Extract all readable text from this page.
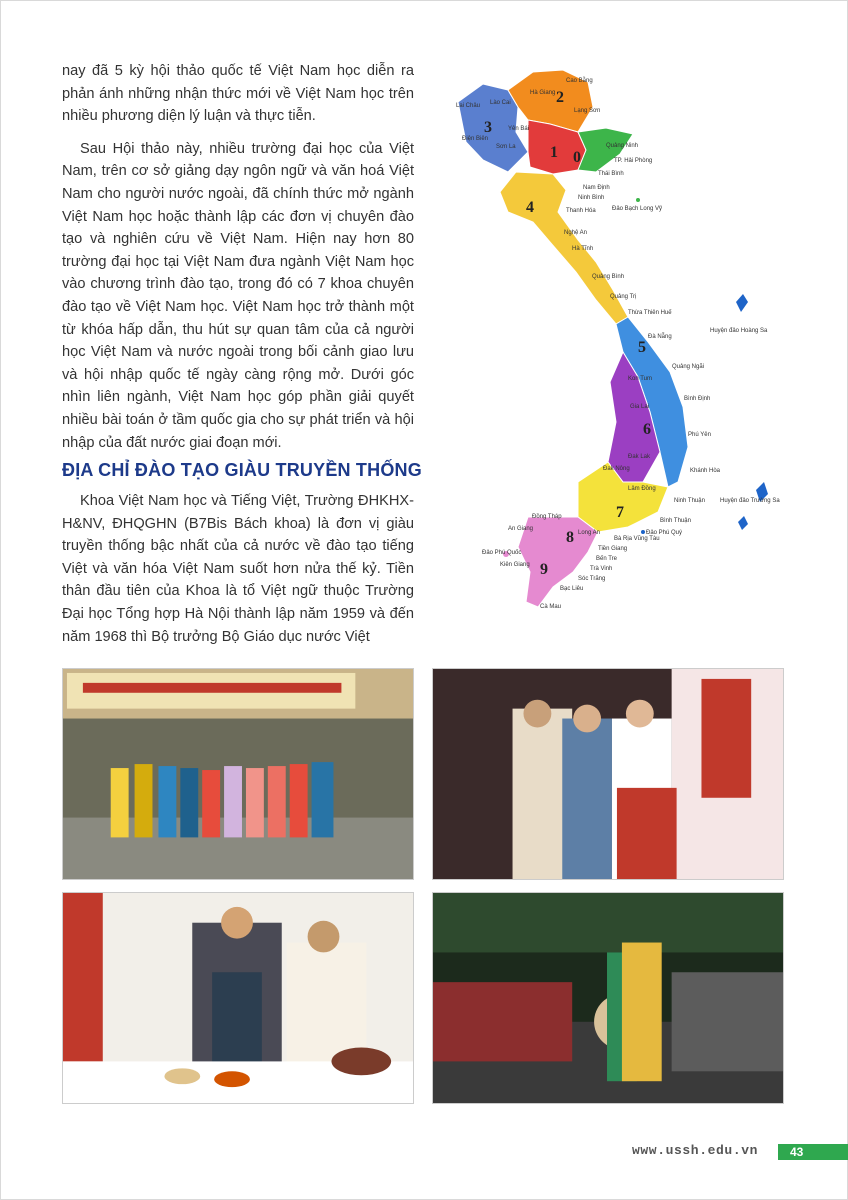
nay đã 5 kỳ hội thảo quốc tế Việt Nam học diễn ra phản ánh những nhận thức mới về Việt Nam học trên nhiều phương diện lý luận và thực tiễn.

Sau Hội thảo này, nhiều trường đại học của Việt Nam, trên cơ sở giảng dạy ngôn ngữ và văn hoá Việt Nam cho người nước ngoài, đã chính thức mở ngành Việt Nam học hoặc thành lập các đơn vị chuyên đào tạo và nghiên cứu về Việt Nam. Hiện nay hơn 80 trường đại học tại Việt Nam đưa ngành Việt Nam học vào chương trình đào tạo, trong đó có 7 khoa chuyên đào tạo về Việt Nam học. Việt Nam học trở thành một từ khóa hấp dẫn, thu hút sự quan tâm của cả người học Việt Nam và nước ngoài trong bối cảnh giao lưu và hội nhập quốc tế ngày càng rộng mở. Dưới góc nhìn liên ngành, Việt Nam học góp phần giải quyết nhiều bài toán ở tầm quốc gia cho sự phát triển và hội nhập của đất nước giai đoạn mới.

ĐỊA CHỈ ĐÀO TẠO GIÀU TRUYỀN THỐNG

Khoa Việt Nam học và Tiếng Việt, Trường ĐHKHX-H&NV, ĐHQGHN (B7Bis Bách khoa) là đơn vị giàu truyền thống bậc nhất của cả nước về đào tạo tiếng Việt và văn hóa Việt Nam suốt hơn nửa thế kỷ. Tiền thân đầu tiên của Khoa là tổ Việt ngữ thuộc Trường Đại học Tổng hợp Hà Nội thành lập năm 1959 và đến năm 1968 thì Bộ trưởng Bộ Giáo dục nước Việt

3
2
0
1
4
5
6
7
8
9
Cao Bằng
Lai Châu Lào Cai
Hà Giang
Yên Bái
Sơn La
Điện Biên
Lạng Sơn
Quảng Ninh
TP. Hải Phòng
Thái Bình
Nam Định
Ninh Bình
Thanh Hóa	Đảo Bạch Long Vỹ
Nghệ An
Hà Tĩnh
Quảng Bình
Quảng Trị
Thừa Thiên Huế
Đà Nẵng
Huyện đảo Hoàng Sa
Quảng Ngãi
Kon Tum
Bình Định
Gia Lai
Phú Yên
Đak Lak
Khánh Hòa
Đak Nông
Lâm Đồng
Ninh Thuận	Huyện đảo Trường Sa
Bình Thuận
Đảo Phú Quý
Bà Rịa Vũng Tàu
Đồng Tháp
An Giang
Đảo Phú Quốc
Kiên Giang
Long An
Tiền Giang
Bến Tre
Trà Vinh
Sóc Trăng
Bạc Liêu
Cà Mau
www.ussh.edu.vn	43
